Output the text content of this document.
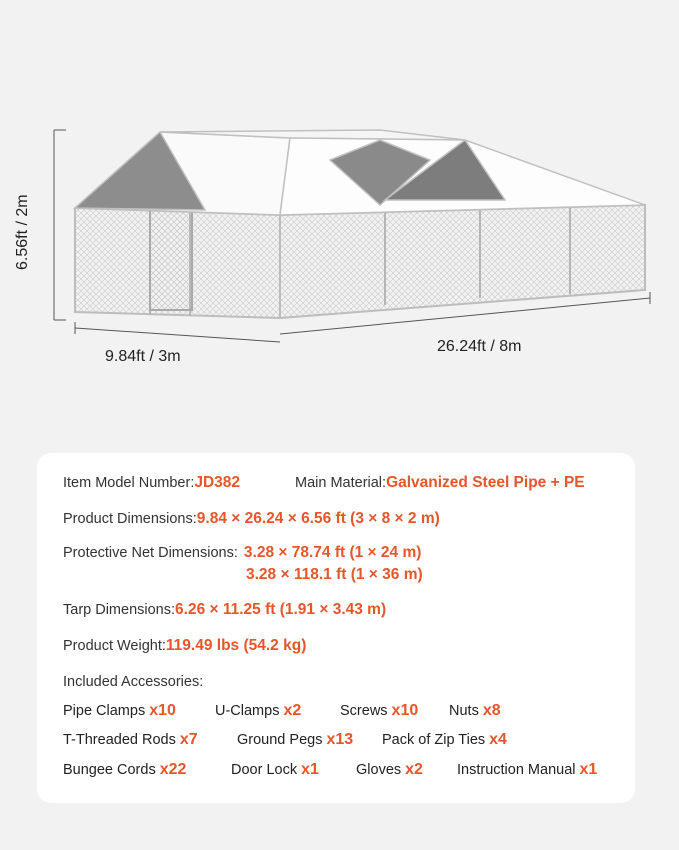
6.56ft / 2m
9.84ft / 3m
26.24ft / 8m
Item Model Number:JD382	Main Material:Galvanized Steel Pipe + PE
Product Dimensions:9.84 × 26.24 × 6.56 ft (3 × 8 × 2 m)
Protective Net Dimensions: 3.28 × 78.74 ft (1 × 24 m)
3.28 × 118.1 ft (1 × 36 m)
Tarp Dimensions:6.26 × 11.25 ft (1.91 × 3.43 m)
Product Weight:119.49 lbs (54.2 kg)
Included Accessories:
Pipe Clamps x10	U-Clamps x2	Screws x10 Nuts x8
T-Threaded Rods x7	Ground Pegs x13 Pack of Zip Ties x4
Bungee Cords x22	Door Lock x1	Gloves x2 Instruction Manual x1
